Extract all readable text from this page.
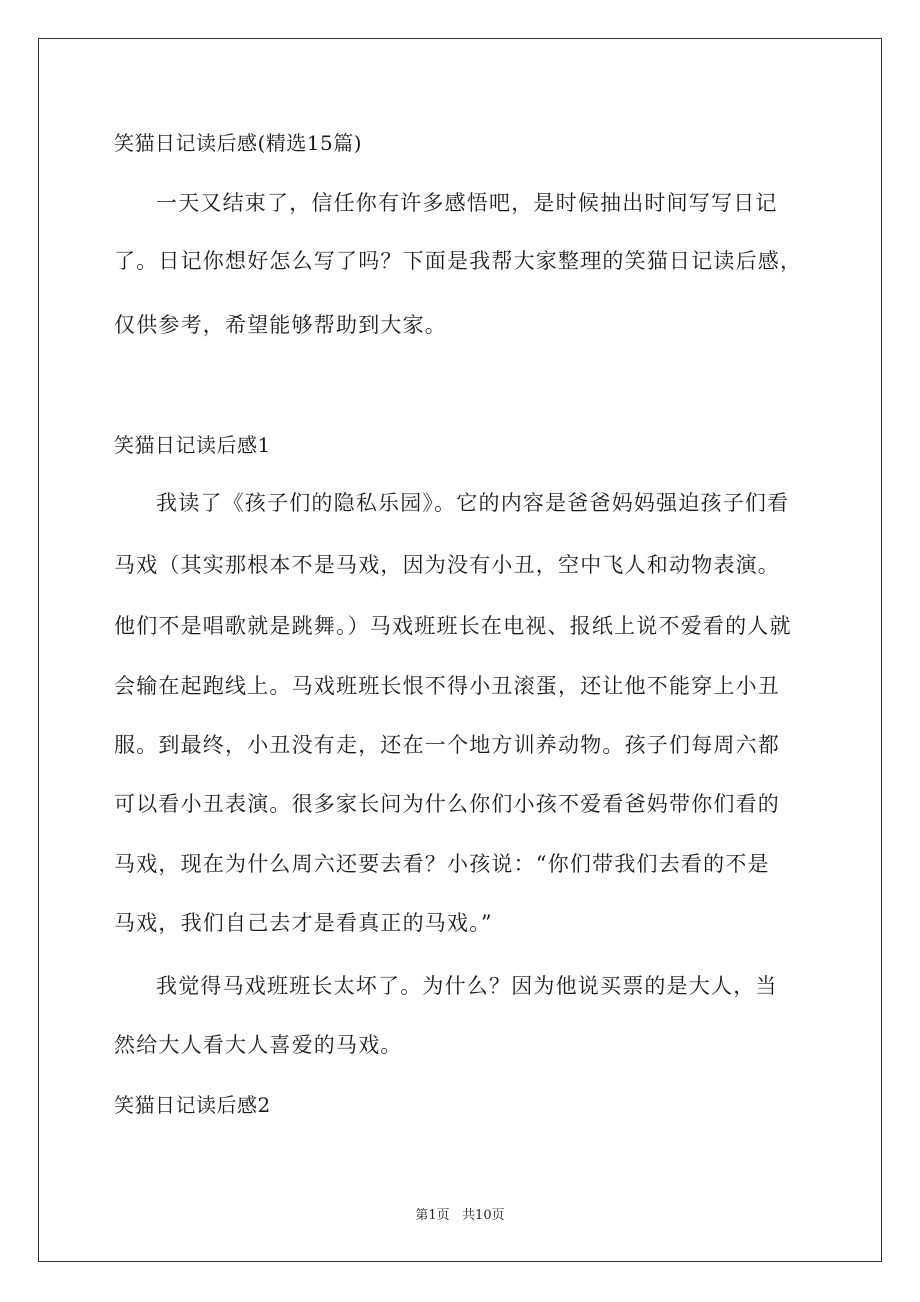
笑猫日记读后感(精选15篇)
一天又结束了，信任你有许多感悟吧，是时候抽出时间写写日记
了。日记你想好怎么写了吗？下面是我帮大家整理的笑猫日记读后感，
仅供参考，希望能够帮助到大家。
笑猫日记读后感1
我读了《孩子们的隐私乐园》。它的内容是爸爸妈妈强迫孩子们看
马戏（其实那根本不是马戏，因为没有小丑，空中飞人和动物表演。
他们不是唱歌就是跳舞。）马戏班班长在电视、报纸上说不爱看的人就
会输在起跑线上。马戏班班长恨不得小丑滚蛋，还让他不能穿上小丑
服。到最终，小丑没有走，还在一个地方训养动物。孩子们每周六都
可以看小丑表演。很多家长问为什么你们小孩不爱看爸妈带你们看的
马戏，现在为什么周六还要去看？小孩说：“你们带我们去看的不是
马戏，我们自己去才是看真正的马戏。”
我觉得马戏班班长太坏了。为什么？因为他说买票的是大人，当
然给大人看大人喜爱的马戏。
笑猫日记读后感2
第1页   共10页
